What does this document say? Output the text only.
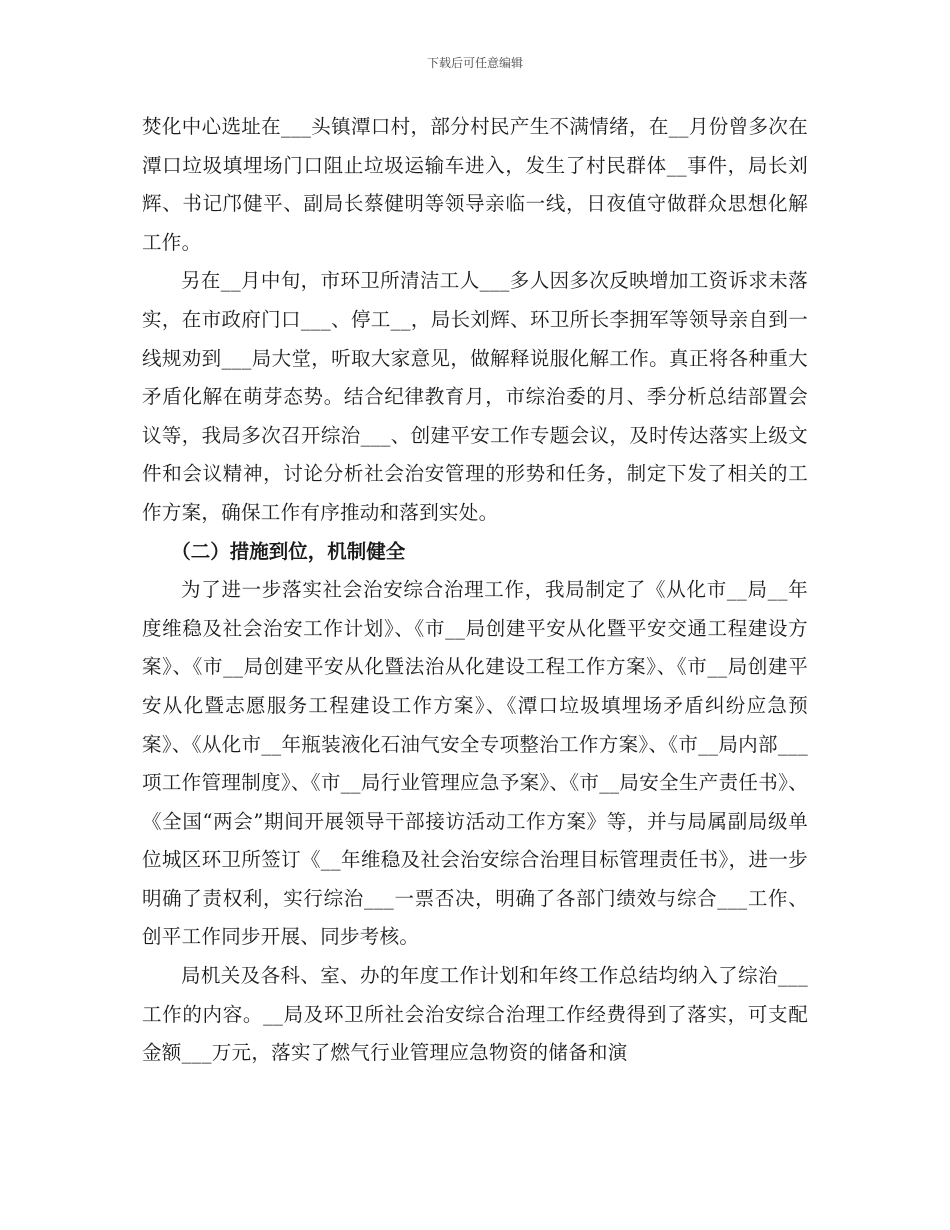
下载后可任意编辑

焚化中心选址在___头镇潭口村，部分村民产生不满情绪，在__月份曾多次在潭口垃圾填埋场门口阻止垃圾运输车进入，发生了村民群体__事件，局长刘辉、书记邝健平、副局长蔡健明等领导亲临一线，日夜值守做群众思想化解工作。

另在__月中旬，市环卫所清洁工人___多人因多次反映增加工资诉求未落实，在市政府门口___、停工__，局长刘辉、环卫所长李拥军等领导亲自到一线规劝到___局大堂，听取大家意见，做解释说服化解工作。真正将各种重大矛盾化解在萌芽态势。结合纪律教育月，市综治委的月、季分析总结部置会议等，我局多次召开综治___、创建平安工作专题会议，及时传达落实上级文件和会议精神，讨论分析社会治安管理的形势和任务，制定下发了相关的工作方案，确保工作有序推动和落到实处。

（二）措施到位，机制健全

为了进一步落实社会治安综合治理工作，我局制定了《从化市__局__年度维稳及社会治安工作计划》、《市__局创建平安从化暨平安交通工程建设方案》、《市__局创建平安从化暨法治从化建设工程工作方案》、《市__局创建平安从化暨志愿服务工程建设工作方案》、《潭口垃圾填埋场矛盾纠纷应急预案》、《从化市__年瓶装液化石油气安全专项整治工作方案》、《市__局内部___项工作管理制度》、《市__局行业管理应急予案》、《市__局安全生产责任书》、《全国“两会”期间开展领导干部接访活动工作方案》等，并与局属副局级单位城区环卫所签订《__年维稳及社会治安综合治理目标管理责任书》，进一步明确了责权利，实行综治___一票否决，明确了各部门绩效与综合___工作、创平工作同步开展、同步考核。

局机关及各科、室、办的年度工作计划和年终工作总结均纳入了综治___工作的内容。__局及环卫所社会治安综合治理工作经费得到了落实，可支配金额___万元，落实了燃气行业管理应急物资的储备和演
